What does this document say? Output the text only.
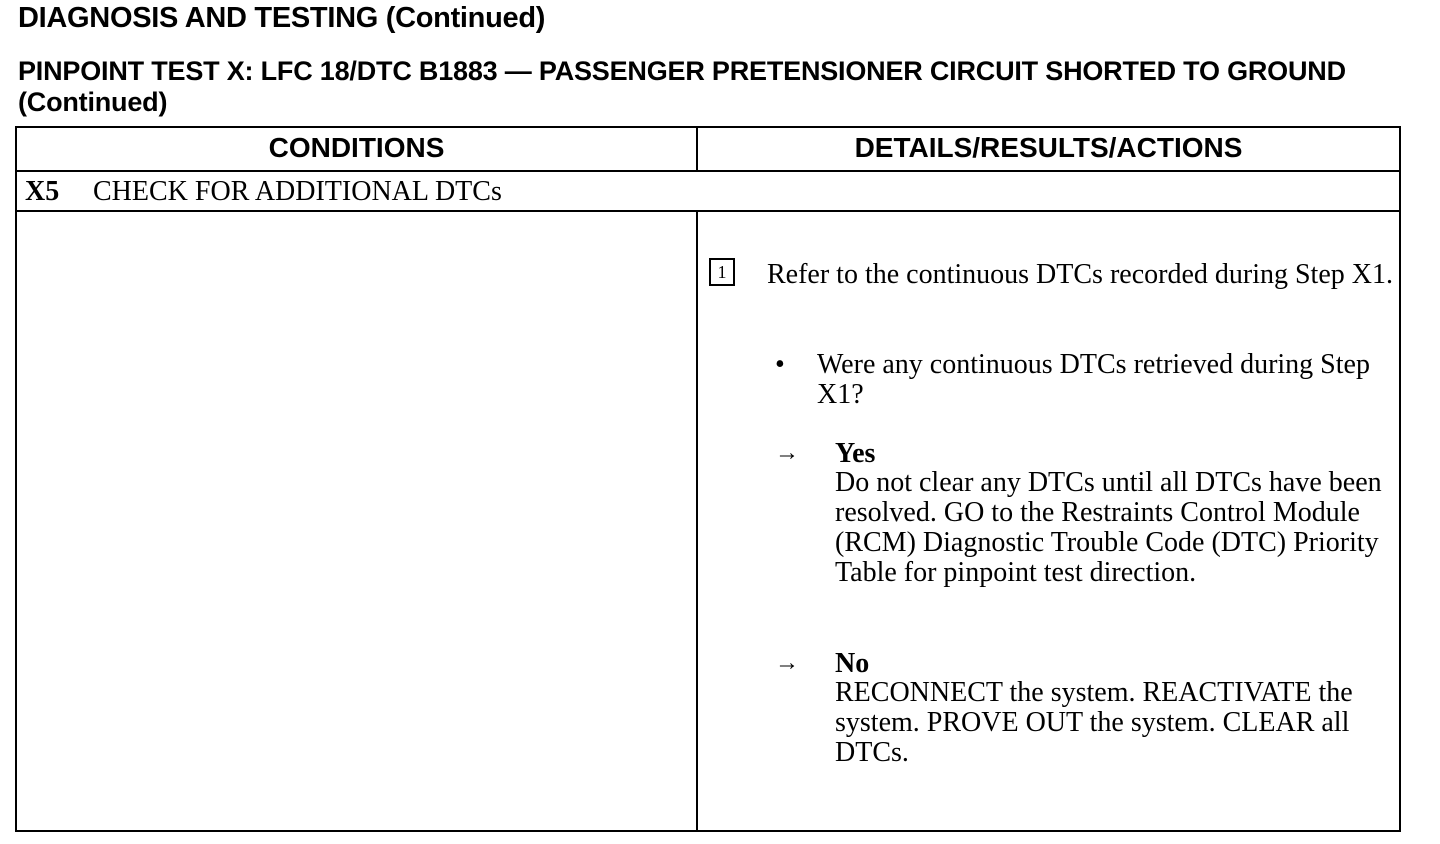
DIAGNOSIS AND TESTING (Continued)
PINPOINT TEST X: LFC 18/DTC B1883 — PASSENGER PRETENSIONER CIRCUIT SHORTED TO GROUND (Continued)
CONDITIONS	DETAILS/RESULTS/ACTIONS
X5 CHECK FOR ADDITIONAL DTCs
1	Refer to the continuous DTCs recorded during Step X1.
• Were any continuous DTCs retrieved during Step X1?
→ Yes
Do not clear any DTCs until all DTCs have been resolved. GO to the Restraints Control Module (RCM) Diagnostic Trouble Code (DTC) Priority Table for pinpoint test direction.
→ No
RECONNECT the system. REACTIVATE the system. PROVE OUT the system. CLEAR all DTCs.
